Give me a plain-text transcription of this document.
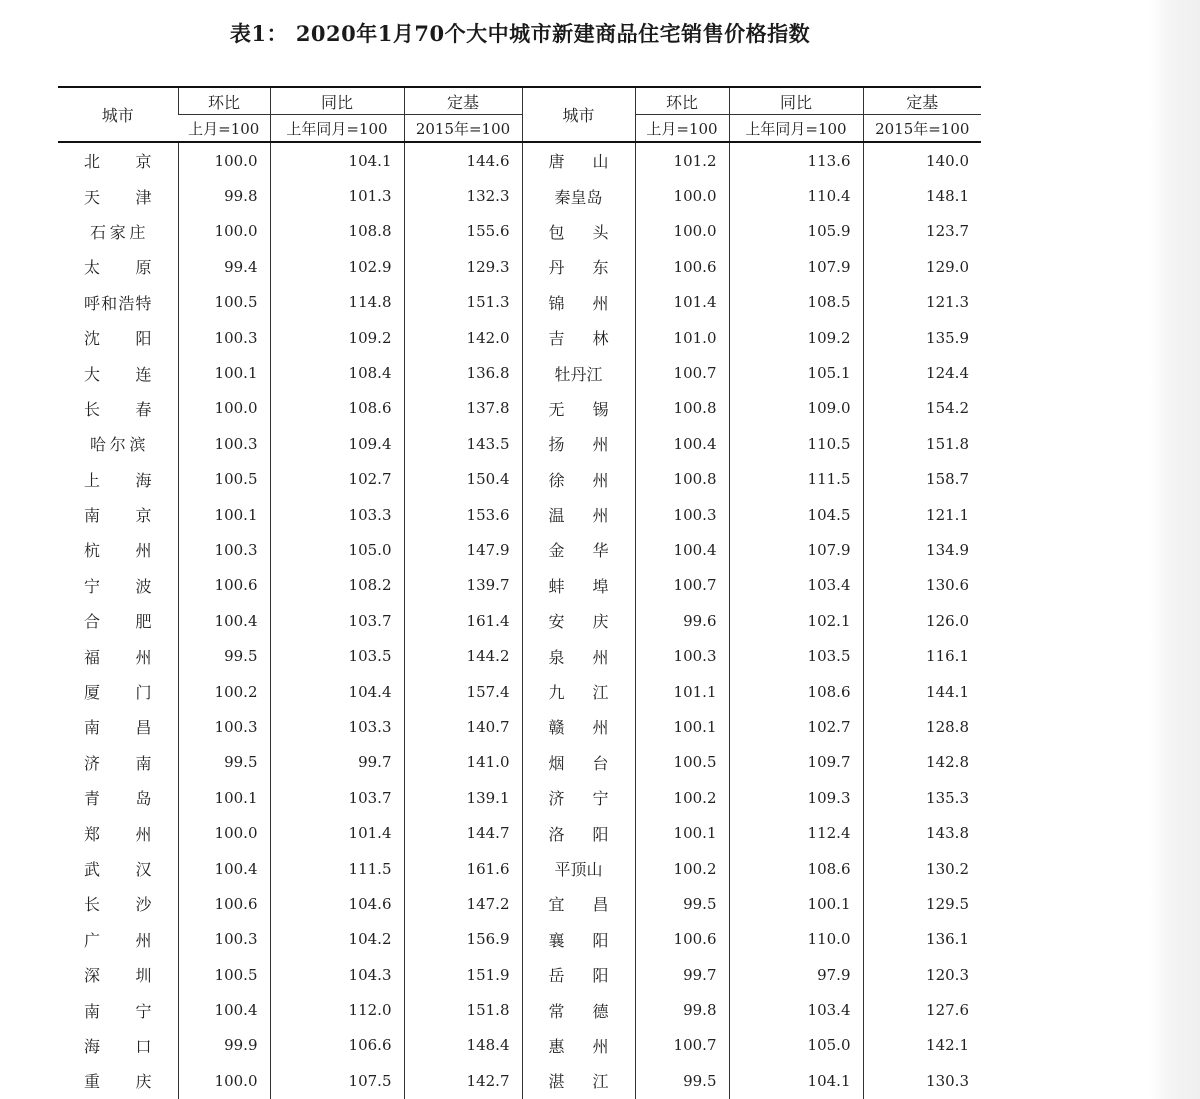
表1： 2020年1月70个大中城市新建商品住宅销售价格指数
城市	环比	同比	定基	城市	环比	同比	定基
	上月=100	上年同月=100	2015年=100		上月=100	上年同月=100	2015年=100
北京	100.0	104.1	144.6	唐山	101.2	113.6	140.0
天津	99.8	101.3	132.3	秦皇岛	100.0	110.4	148.1
石家庄	100.0	108.8	155.6	包头	100.0	105.9	123.7
太原	99.4	102.9	129.3	丹东	100.6	107.9	129.0
呼和浩特	100.5	114.8	151.3	锦州	101.4	108.5	121.3
沈阳	100.3	109.2	142.0	吉林	101.0	109.2	135.9
大连	100.1	108.4	136.8	牡丹江	100.7	105.1	124.4
长春	100.0	108.6	137.8	无锡	100.8	109.0	154.2
哈尔滨	100.3	109.4	143.5	扬州	100.4	110.5	151.8
上海	100.5	102.7	150.4	徐州	100.8	111.5	158.7
南京	100.1	103.3	153.6	温州	100.3	104.5	121.1
杭州	100.3	105.0	147.9	金华	100.4	107.9	134.9
宁波	100.6	108.2	139.7	蚌埠	100.7	103.4	130.6
合肥	100.4	103.7	161.4	安庆	99.6	102.1	126.0
福州	99.5	103.5	144.2	泉州	100.3	103.5	116.1
厦门	100.2	104.4	157.4	九江	101.1	108.6	144.1
南昌	100.3	103.3	140.7	赣州	100.1	102.7	128.8
济南	99.5	99.7	141.0	烟台	100.5	109.7	142.8
青岛	100.1	103.7	139.1	济宁	100.2	109.3	135.3
郑州	100.0	101.4	144.7	洛阳	100.1	112.4	143.8
武汉	100.4	111.5	161.6	平顶山	100.2	108.6	130.2
长沙	100.6	104.6	147.2	宜昌	99.5	100.1	129.5
广州	100.3	104.2	156.9	襄阳	100.6	110.0	136.1
深圳	100.5	104.3	151.9	岳阳	99.7	97.9	120.3
南宁	100.4	112.0	151.8	常德	99.8	103.4	127.6
海口	99.9	106.6	148.4	惠州	100.7	105.0	142.1
重庆	100.0	107.5	142.7	湛江	99.5	104.1	130.3
